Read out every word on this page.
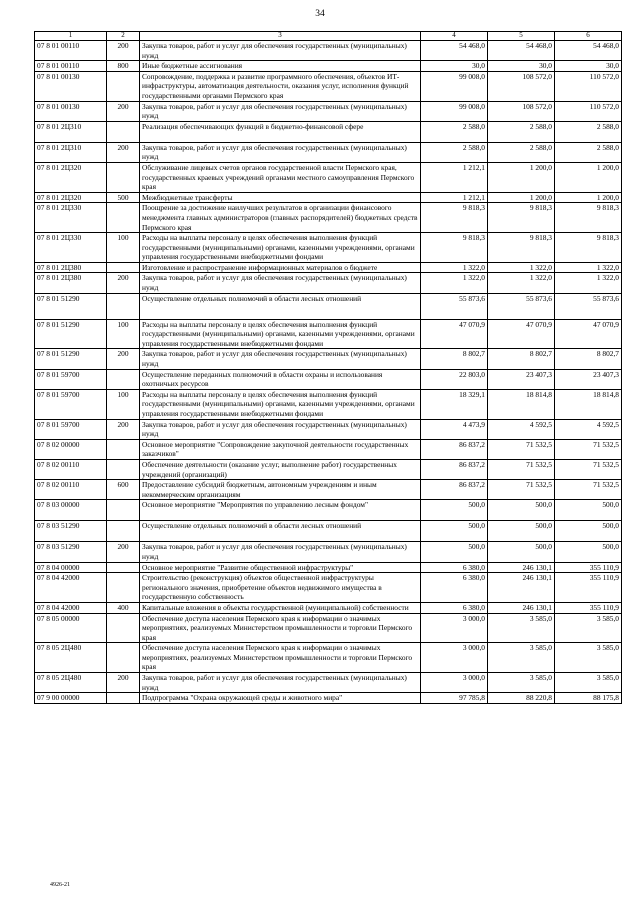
34
1	2	3	4	5	6
07 8 01 00110	200	Закупка товаров, работ и услуг для обеспечения государственных (муниципальных) нужд	54 468,0	54 468,0	54 468,0
07 8 01 00110	800	Иные бюджетные ассигнования	30,0	30,0	30,0
07 8 01 00130		Сопровождение, поддержка и развитие программного обеспечения, объектов ИТ-инфраструктуры, автоматизация деятельности, оказания услуг, исполнения функций государственными органами Пермского края	99 008,0	108 572,0	110 572,0
07 8 01 00130	200	Закупка товаров, работ и услуг для обеспечения государственных (муниципальных) нужд	99 008,0	108 572,0	110 572,0
07 8 01 2Ц310		Реализация обеспечивающих функций в бюджетно-финансовой сфере	2 588,0	2 588,0	2 588,0
07 8 01 2Ц310	200	Закупка товаров, работ и услуг для обеспечения государственных (муниципальных) нужд	2 588,0	2 588,0	2 588,0
07 8 01 2Ц320		Обслуживание лицевых счетов органов государственной власти Пермского края, государственных краевых учреждений органами местного самоуправления Пермского края	1 212,1	1 200,0	1 200,0
07 8 01 2Ц320	500	Межбюджетные трансферты	1 212,1	1 200,0	1 200,0
07 8 01 2Ц330		Поощрение за достижение наилучших результатов в организации финансового менеджмента главных администраторов (главных распорядителей) бюджетных средств Пермского края	9 818,3	9 818,3	9 818,3
07 8 01 2Ц330	100	Расходы на выплаты персоналу в целях обеспечения выполнения функций государственными (муниципальными) органами, казенными учреждениями, органами управления государственными внебюджетными фондами	9 818,3	9 818,3	9 818,3
07 8 01 2Ц380		Изготовление и распространение информационных материалов о бюджете	1 322,0	1 322,0	1 322,0
07 8 01 2Ц380	200	Закупка товаров, работ и услуг для обеспечения государственных (муниципальных) нужд	1 322,0	1 322,0	1 322,0
07 8 01 51290		Осуществление отдельных полномочий в области лесных отношений	55 873,6	55 873,6	55 873,6
07 8 01 51290	100	Расходы на выплаты персоналу в целях обеспечения выполнения функций государственными (муниципальными) органами, казенными учреждениями, органами управления государственными внебюджетными фондами	47 070,9	47 070,9	47 070,9
07 8 01 51290	200	Закупка товаров, работ и услуг для обеспечения государственных (муниципальных) нужд	8 802,7	8 802,7	8 802,7
07 8 01 59700		Осуществление переданных полномочий в области охраны и использования охотничьих ресурсов	22 803,0	23 407,3	23 407,3
07 8 01 59700	100	Расходы на выплаты персоналу в целях обеспечения выполнения функций государственными (муниципальными) органами, казенными учреждениями, органами управления государственными внебюджетными фондами	18 329,1	18 814,8	18 814,8
07 8 01 59700	200	Закупка товаров, работ и услуг для обеспечения государственных (муниципальных) нужд	4 473,9	4 592,5	4 592,5
07 8 02 00000		Основное мероприятие "Сопровождение закупочной деятельности государственных заказчиков"	86 837,2	71 532,5	71 532,5
07 8 02 00110		Обеспечение деятельности (оказание услуг, выполнение работ) государственных учреждений (организаций)	86 837,2	71 532,5	71 532,5
07 8 02 00110	600	Предоставление субсидий бюджетным, автономным учреждениям и иным некоммерческим организациям	86 837,2	71 532,5	71 532,5
07 8 03 00000		Основное мероприятие "Мероприятия по управлению лесным фондом"	500,0	500,0	500,0
07 8 03 51290		Осуществление отдельных полномочий в области лесных отношений	500,0	500,0	500,0
07 8 03 51290	200	Закупка товаров, работ и услуг для обеспечения государственных (муниципальных) нужд	500,0	500,0	500,0
07 8 04 00000		Основное мероприятие "Развитие общественной инфраструктуры"	6 380,0	246 130,1	355 110,9
07 8 04 42000		Строительство (реконструкция) объектов общественной инфраструктуры регионального значения, приобретение объектов недвижимого имущества в государственную собственность	6 380,0	246 130,1	355 110,9
07 8 04 42000	400	Капитальные вложения в объекты государственной (муниципальной) собственности	6 380,0	246 130,1	355 110,9
07 8 05 00000		Обеспечение доступа населения Пермского края к информации о значимых мероприятиях, реализуемых Министерством промышленности и торговли Пермского края	3 000,0	3 585,0	3 585,0
07 8 05 2Ц480		Обеспечение доступа населения Пермского края к информации о значимых мероприятиях, реализуемых Министерством промышленности и торговли Пермского края	3 000,0	3 585,0	3 585,0
07 8 05 2Ц480	200	Закупка товаров, работ и услуг для обеспечения государственных (муниципальных) нужд	3 000,0	3 585,0	3 585,0
07 9 00 00000		Подпрограмма "Охрана окружающей среды и животного мира"	97 785,8	88 220,8	88 175,8
4926-21
